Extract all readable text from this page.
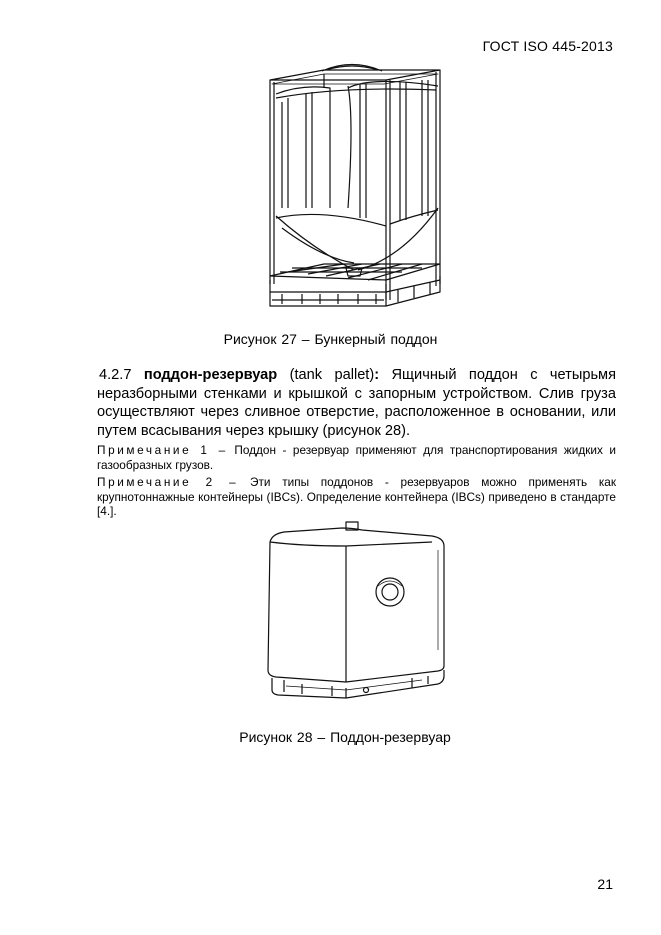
ГОСТ ISO 445-2013
Рисунок 27 – Бункерный поддон

4.2.7 поддон-резервуар (tank pallet): Ящичный поддон с четырьмя неразборными стенками и крышкой с запорным устройством. Слив груза осуществляют через сливное отверстие, расположенное в основании, или путем всасывания через крышку (рисунок 28).

Примечание 1 – Поддон - резервуар применяют для транспортирования жидких и газообразных грузов.

Примечание 2 – Эти типы поддонов - резервуаров можно применять как крупнотоннажные контейнеры (IBCs). Определение контейнера (IBCs) приведено в стандарте [4.].

Рисунок 28 – Поддон-резервуар
21
